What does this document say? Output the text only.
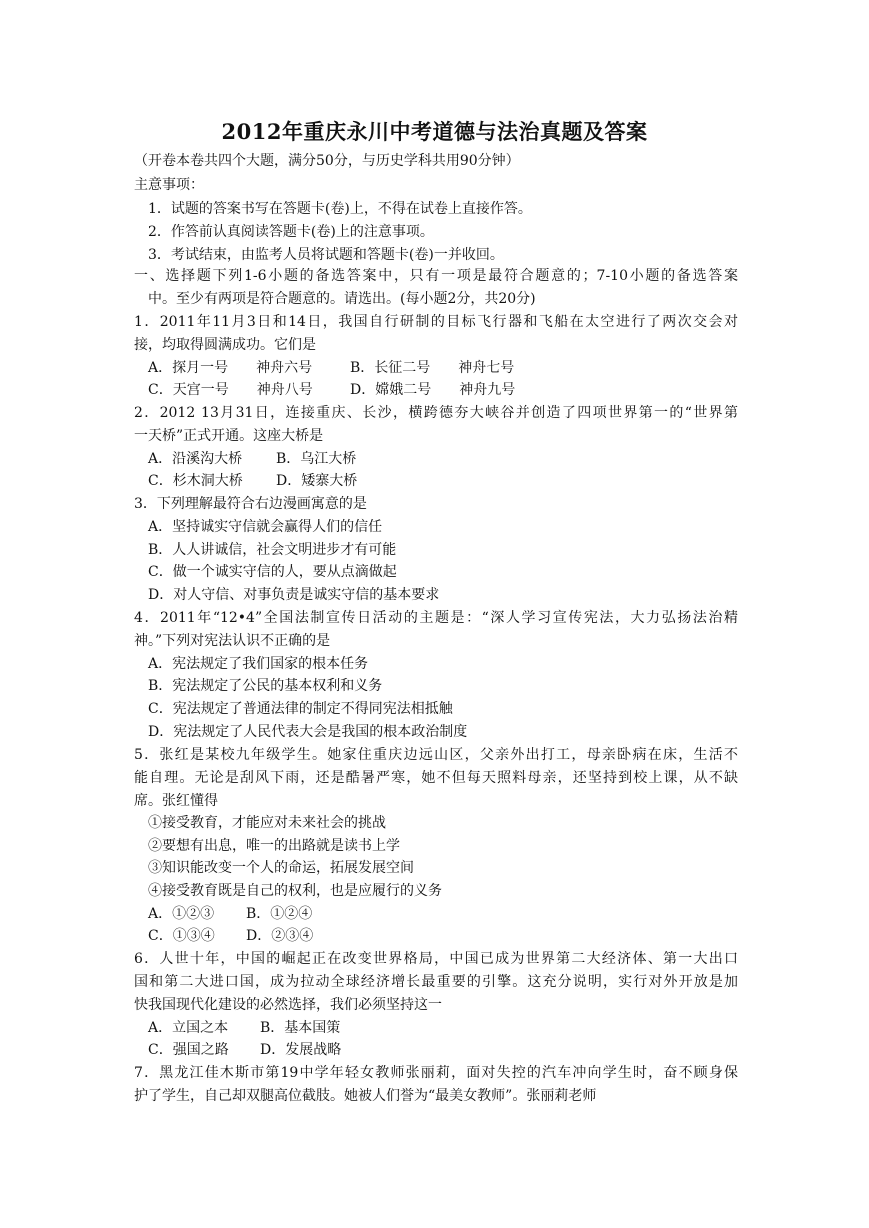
2012年重庆永川中考道德与法治真题及答案
（开卷本卷共四个大题，满分50分，与历史学科共用90分钟）
主意事项：
1．试题的答案书写在答题卡(卷)上，不得在试卷上直接作答。
2．作答前认真阅读答题卡(卷)上的注意事项。
3．考试结束，由监考人员将试题和答题卡(卷)一并收回。
一、选择题下列1-6小题的备选答案中，只有一项是最符合题意的；7-10小题的备选答案
中。至少有两项是符合题意的。请选出。(每小题2分，共20分)
1．2011年11月3日和14日，我国自行研制的目标飞行器和飞船在太空进行了两次交会对
接，均取得圆满成功。它们是
A．探月一号　　神舟六号	B．长征二号　　神舟七号
C．天宫一号　　神舟八号	D．嫦娥二号　　神舟九号
2．2012 13月31日，连接重庆、长沙，横跨德夯大峡谷并创造了四项世界第一的“世界第
一天桥”正式开通。这座大桥是
A．沿溪沟大桥 B．乌江大桥
C．杉木洞大桥 D．矮寨大桥
3．下列理解最符合右边漫画寓意的是
A．坚持诚实守信就会赢得人们的信任
B．人人讲诚信，社会文明进步才有可能
C．做一个诚实守信的人，要从点滴做起
D．对人守信、对事负责是诚实守信的基本要求
4．2011年“12•4”全国法制宣传日活动的主题是：“深人学习宣传宪法，大力弘扬法治精
神。”下列对宪法认识不正确的是
A．宪法规定了我们国家的根本任务
B．宪法规定了公民的基本权利和义务
C．宪法规定了普通法律的制定不得同宪法相抵触
D．宪法规定了人民代表大会是我国的根本政治制度
5．张红是某校九年级学生。她家住重庆边远山区，父亲外出打工，母亲卧病在床，生活不
能自理。无论是刮风下雨，还是酷暑严寒，她不但每天照料母亲，还坚持到校上课，从不缺
席。张红懂得
①接受教育，才能应对未来社会的挑战
②要想有出息，唯一的出路就是读书上学
③知识能改变一个人的命运，拓展发展空间
④接受教育既是自己的权利，也是应履行的义务
A．①②③ B．①②④
C．①③④ D．②③④
6．人世十年，中国的崛起正在改变世界格局，中国已成为世界第二大经济体、第一大出口
国和第二大进口国，成为拉动全球经济增长最重要的引擎。这充分说明，实行对外开放是加
快我国现代化建设的必然选择，我们必须坚持这一
A．立国之本 B．基本国策
C．强国之路 D．发展战略
7．黑龙江佳木斯市第19中学年轻女教师张丽莉，面对失控的汽车冲向学生时，奋不顾身保
护了学生，自己却双腿高位截肢。她被人们誉为“最美女教师”。张丽莉老师
